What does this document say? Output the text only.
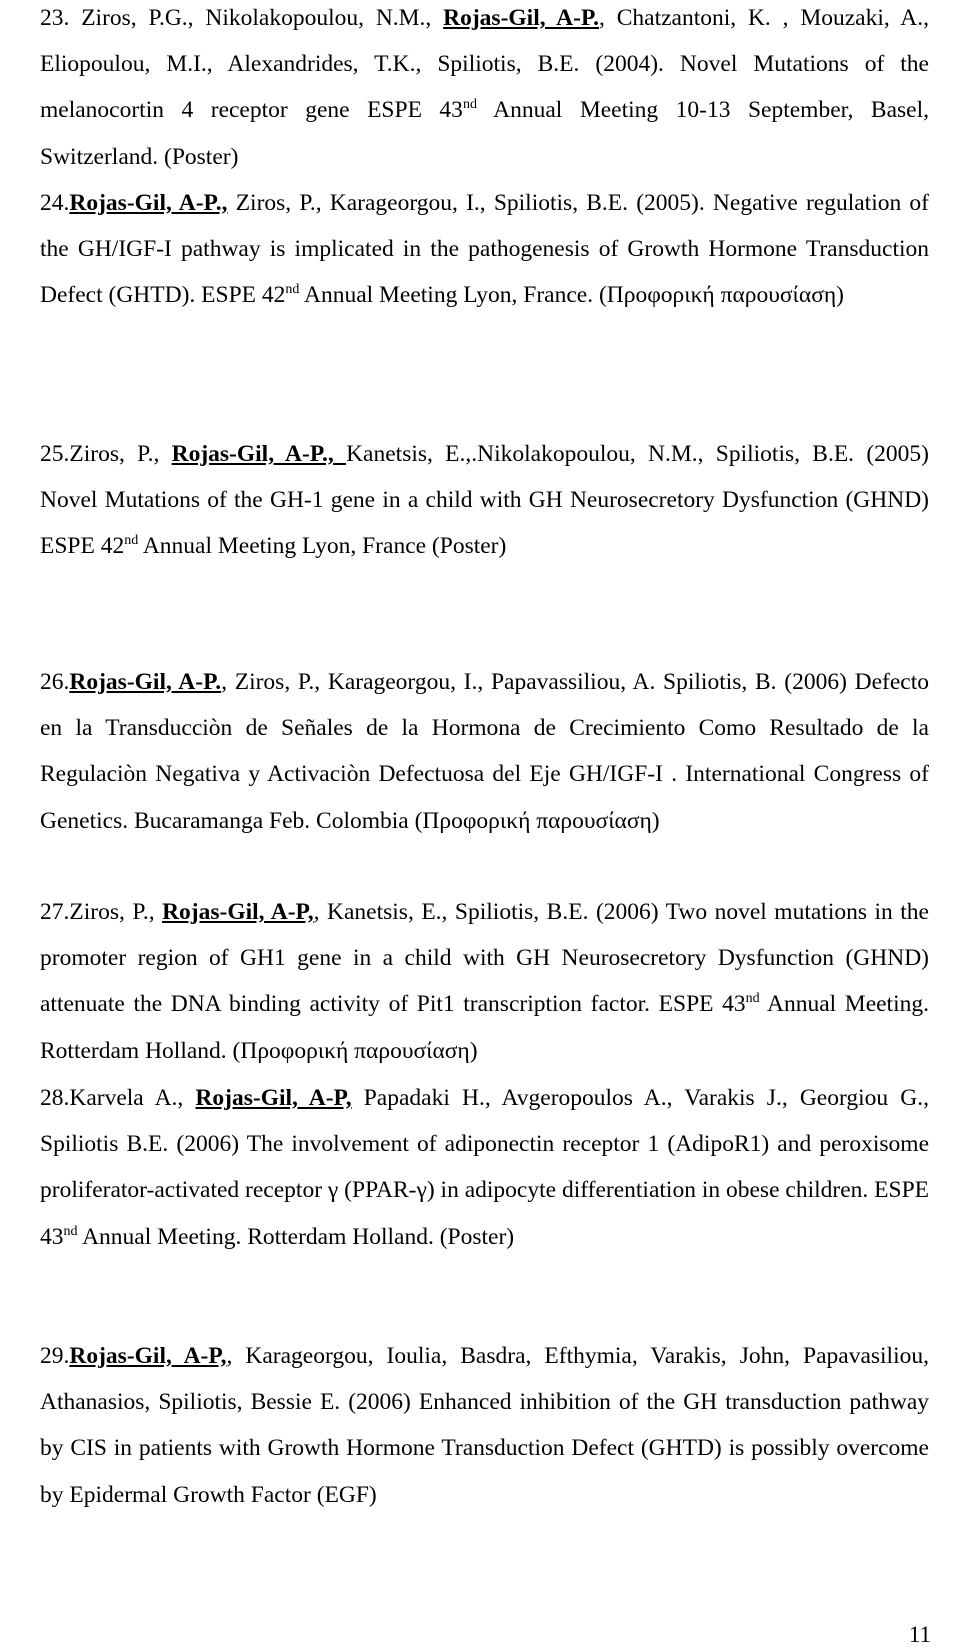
23. Ziros, P.G., Nikolakopoulou, N.M., Rojas-Gil, A-P., Chatzantoni, K. , Mouzaki, A., Eliopoulou, M.I., Alexandrides, T.K., Spiliotis, B.E. (2004). Novel Mutations of the melanocortin 4 receptor gene ESPE 43nd Annual Meeting 10-13 September, Basel, Switzerland. (Poster)
24. Rojas-Gil, A-P., Ziros, P., Karageorgou, I., Spiliotis, B.E. (2005). Negative regulation of the GH/IGF-I pathway is implicated in the pathogenesis of Growth Hormone Transduction Defect (GHTD). ESPE 42nd Annual Meeting Lyon, France. (Προφορική παρουσίαση)
25. Ziros, P., Rojas-Gil, A-P., Kanetsis, E.,.Nikolakopoulou, N.M., Spiliotis, B.E. (2005) Novel Mutations of the GH-1 gene in a child with GH Neurosecretory Dysfunction (GHND) ESPE 42nd Annual Meeting Lyon, France (Poster)
26. Rojas-Gil, A-P., Ziros, P., Karageorgou, I., Papavassiliou, A. Spiliotis, B. (2006) Defecto en la Transducciòn de Señales de la Hormona de Crecimiento Como Resultado de la Regulaciòn Negativa y Activaciòn Defectuosa del Eje GH/IGF-I . International Congress of Genetics. Bucaramanga Feb. Colombia (Προφορική παρουσίαση)
27. Ziros, P., Rojas-Gil, A-P,, Kanetsis, E., Spiliotis, B.E. (2006) Two novel mutations in the promoter region of GH1 gene in a child with GH Neurosecretory Dysfunction (GHND) attenuate the DNA binding activity of Pit1 transcription factor. ESPE 43nd Annual Meeting. Rotterdam Holland. (Προφορική παρουσίαση)
28. Karvela A., Rojas-Gil, A-P, Papadaki H., Avgeropoulos A., Varakis J., Georgiou G., Spiliotis B.E. (2006) The involvement of adiponectin receptor 1 (AdipoR1) and peroxisome proliferator-activated receptor γ (PPAR-γ) in adipocyte differentiation in obese children. ESPE 43nd Annual Meeting. Rotterdam Holland. (Poster)
29. Rojas-Gil, A-P,, Karageorgou, Ioulia, Basdra, Efthymia, Varakis, John, Papavasiliou, Athanasios, Spiliotis, Bessie E. (2006) Enhanced inhibition of the GH transduction pathway by CIS in patients with Growth Hormone Transduction Defect (GHTD) is possibly overcome by Epidermal Growth Factor (EGF)
11
